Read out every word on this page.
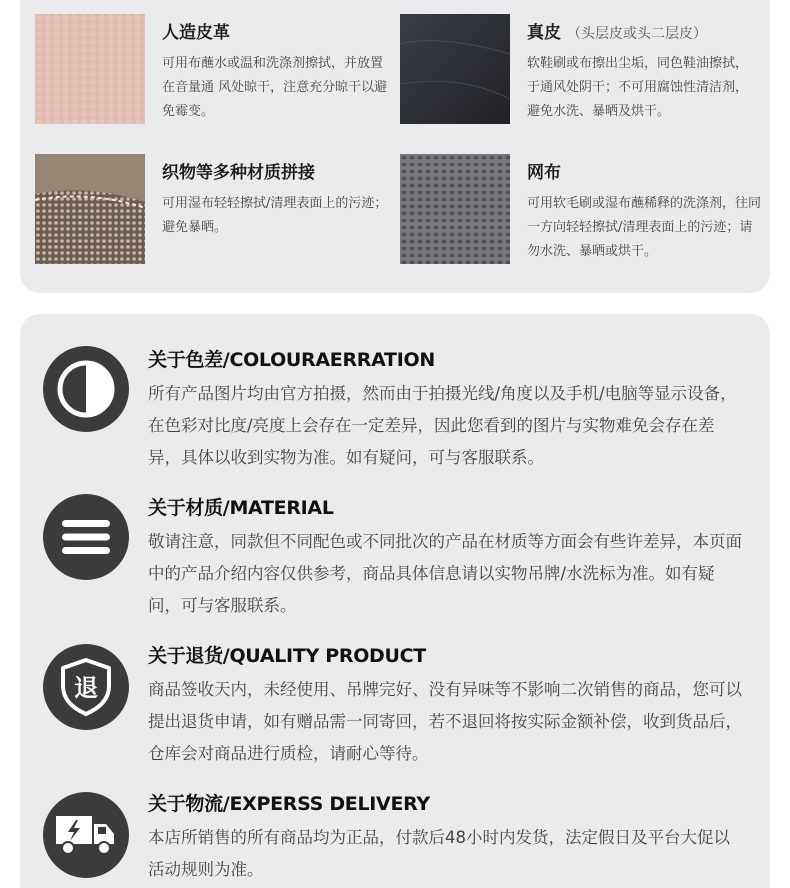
人造皮革
可用布蘸水或温和洗涤剂擦拭，并放置在音量通 风处晾干，注意充分晾干以避免霉变。
真皮 （头层皮或头二层皮）
软鞋刷或布擦出尘垢，同色鞋油擦拭，于通风处阴干；不可用腐蚀性清洁剂，避免水洗、暴晒及烘干。
织物等多种材质拼接
可用湿布轻轻擦拭/清理表面上的污迹；避免暴晒。
网布
可用软毛刷或湿布蘸稀释的洗涤剂，往同一方向轻轻擦拭/清理表面上的污迹；请勿水洗、暴晒或烘干。
关于色差/COLOURAERRATION
所有产品图片均由官方拍摄，然而由于拍摄光线/角度以及手机/电脑等显示设备，在色彩对比度/亮度上会存在一定差异，因此您看到的图片与实物难免会存在差异，具体以收到实物为准。如有疑问，可与客服联系。
关于材质/MATERIAL
敬请注意，同款但不同配色或不同批次的产品在材质等方面会有些许差异，本页面中的产品介绍内容仅供参考，商品具体信息请以实物吊牌/水洗标为准。如有疑问，可与客服联系。
退
关于退货/QUALITY PRODUCT
商品签收天内，未经使用、吊牌完好、没有异味等不影响二次销售的商品，您可以提出退货申请，如有赠品需一同寄回，若不退回将按实际金额补偿，收到货品后，仓库会对商品进行质检，请耐心等待。
关于物流/EXPERSS DELIVERY
本店所销售的所有商品均为正品，付款后48小时内发货，法定假日及平台大促以活动规则为准。
